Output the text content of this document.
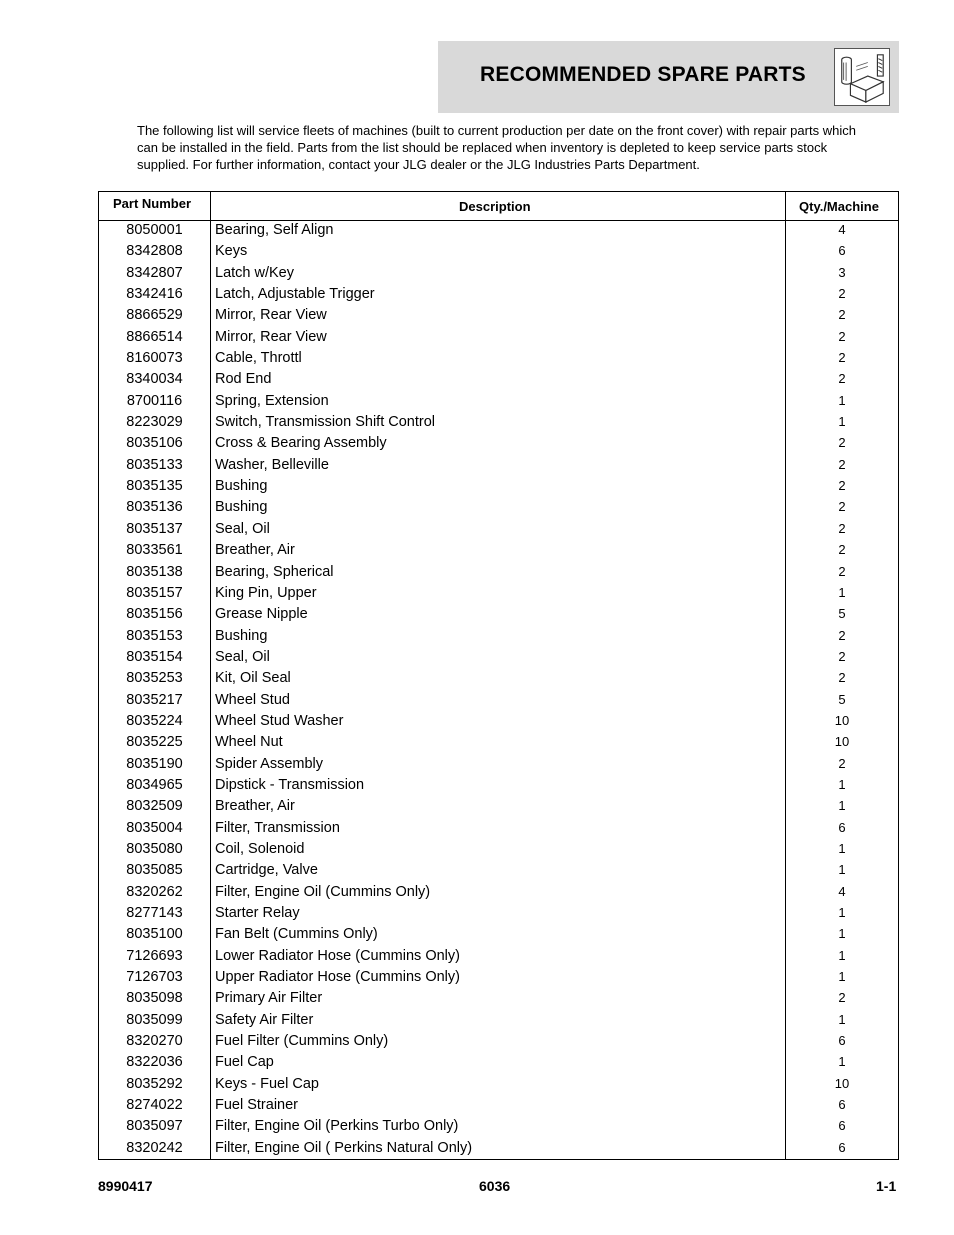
RECOMMENDED SPARE PARTS
The following list will service fleets of machines (built to current production per date on the front cover) with repair parts which can be installed in the field. Parts from the list should be replaced when inventory is depleted to keep service parts stock supplied. For further information, contact your JLG dealer or the JLG Industries Parts Department.
Part Number	Description	Qty./Machine
8050001	Bearing, Self Align	4
8342808	Keys	6
8342807	Latch w/Key	3
8342416	Latch, Adjustable Trigger	2
8866529	Mirror, Rear View	2
8866514	Mirror, Rear View	2
8160073	Cable, Throttl	2
8340034	Rod End	2
8700116	Spring, Extension	1
8223029	Switch, Transmission Shift Control	1
8035106	Cross & Bearing Assembly	2
8035133	Washer, Belleville	2
8035135	Bushing	2
8035136	Bushing	2
8035137	Seal, Oil	2
8033561	Breather, Air	2
8035138	Bearing, Spherical	2
8035157	King Pin, Upper	1
8035156	Grease Nipple	5
8035153	Bushing	2
8035154	Seal, Oil	2
8035253	Kit, Oil Seal	2
8035217	Wheel Stud	5
8035224	Wheel Stud Washer	10
8035225	Wheel Nut	10
8035190	Spider Assembly	2
8034965	Dipstick - Transmission	1
8032509	Breather, Air	1
8035004	Filter, Transmission	6
8035080	Coil, Solenoid	1
8035085	Cartridge, Valve	1
8320262	Filter, Engine Oil (Cummins Only)	4
8277143	Starter Relay	1
8035100	Fan Belt (Cummins Only)	1
7126693	Lower Radiator Hose (Cummins Only)	1
7126703	Upper Radiator Hose (Cummins Only)	1
8035098	Primary Air Filter	2
8035099	Safety Air Filter	1
8320270	Fuel Filter (Cummins Only)	6
8322036	Fuel Cap	1
8035292	Keys - Fuel Cap	10
8274022	Fuel Strainer	6
8035097	Filter, Engine Oil (Perkins Turbo Only)	6
8320242	Filter, Engine Oil ( Perkins Natural Only)	6
8990417	6036	1-1
